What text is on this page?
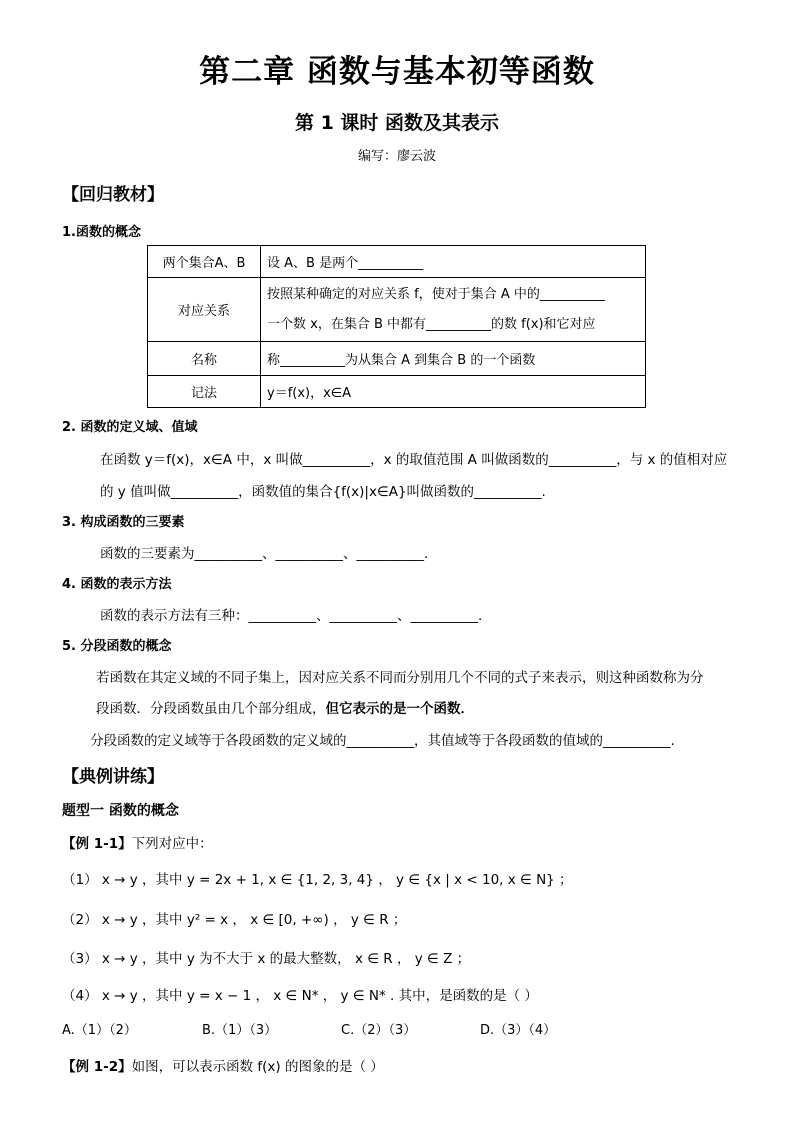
第二章 函数与基本初等函数
第 1 课时 函数及其表示
编写：廖云波
【回归教材】
1.函数的概念
两个集合A、B	设 A、B 是两个__________
对应关系	按照某种确定的对应关系 f，使对于集合 A 中的__________
一个数 x，在集合 B 中都有__________的数 f(x)和它对应

名称	称__________为从集合 A 到集合 B 的一个函数
记法	y＝f(x)，x∈A
2. 函数的定义域、值域
在函数 y＝f(x)，x∈A 中，x 叫做__________，x 的取值范围 A 叫做函数的__________，与 x 的值相对应
的 y 值叫做__________，函数值的集合{f(x)|x∈A}叫做函数的__________.
3. 构成函数的三要素
函数的三要素为__________、__________、__________.
4. 函数的表示方法
函数的表示方法有三种：__________、__________、__________.
5. 分段函数的概念
若函数在其定义域的不同子集上，因对应关系不同而分别用几个不同的式子来表示，则这种函数称为分
段函数．分段函数虽由几个部分组成，但它表示的是一个函数．
分段函数的定义域等于各段函数的定义域的__________，其值域等于各段函数的值域的__________.
【典例讲练】
题型一 函数的概念
【例 1-1】下列对应中：
（1） x → y ，其中 y = 2x + 1, x ∈ {1, 2, 3, 4} ， y ∈ {x | x < 10, x ∈ N} ；
（2） x → y ，其中 y² = x ， x ∈ [0, +∞) ， y ∈ R ；
（3） x → y ，其中 y 为不大于 x 的最大整数， x ∈ R ， y ∈ Z ；
（4） x → y ，其中 y = x − 1 ， x ∈ N* ， y ∈ N* . 其中，是函数的是（ ）
A.（1）（2）	B.（1）（3）	C.（2）（3）	D.（3）（4）
【例 1-2】如图，可以表示函数 f(x) 的图象的是（ ）
